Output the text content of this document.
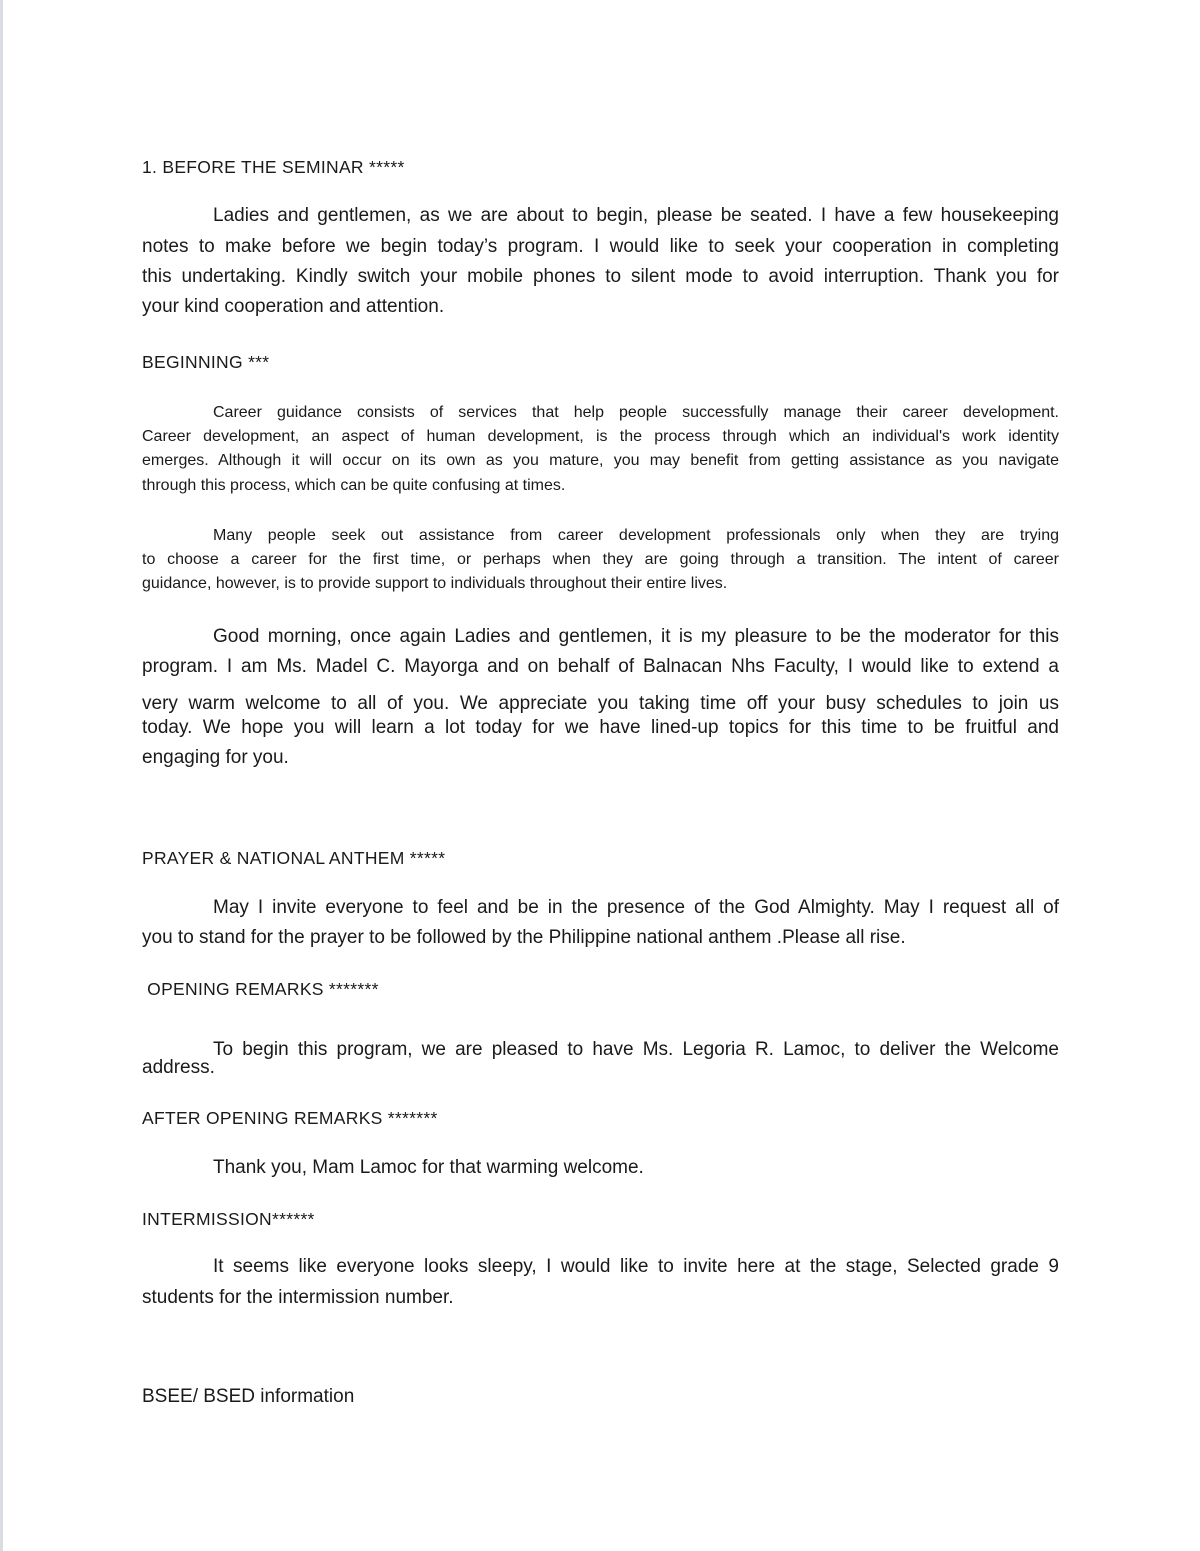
1. BEFORE THE SEMINAR *****
Ladies and gentlemen, as we are about to begin, please be seated. I have a few housekeeping
notes to make before we begin today’s program. I would like to seek your cooperation in completing
this undertaking. Kindly switch your mobile phones to silent mode to avoid interruption. Thank you for
your kind cooperation and attention.
BEGINNING ***
Career guidance consists of services that help people successfully manage their career development.
Career development, an aspect of human development, is the process through which an individual's work identity
emerges. Although it will occur on its own as you mature, you may benefit from getting assistance as you navigate
through this process, which can be quite confusing at times.
Many people seek out assistance from career development professionals only when they are trying
to choose a career for the first time, or perhaps when they are going through a transition. The intent of career
guidance, however, is to provide support to individuals throughout their entire lives.
Good morning, once again Ladies and gentlemen, it is my pleasure to be the moderator for this
program. I am Ms. Madel C. Mayorga and on behalf of Balnacan Nhs Faculty, I would like to extend a
very warm welcome to all of you. We appreciate you taking time off your busy schedules to join us
today. We hope you will learn a lot today for we have lined-up topics for this time to be fruitful and
engaging for you.
PRAYER & NATIONAL ANTHEM *****
May I invite everyone to feel and be in the presence of the God Almighty. May I request all of
you to stand for the prayer to be followed by the Philippine national anthem .Please all rise.
OPENING REMARKS *******
To begin this program, we are pleased to have Ms. Legoria R. Lamoc, to deliver the Welcome
address.
AFTER OPENING REMARKS *******
Thank you, Mam Lamoc for that warming welcome.
INTERMISSION******
It seems like everyone looks sleepy, I would like to invite here at the stage, Selected grade 9
students for the intermission number.
BSEE/ BSED information
